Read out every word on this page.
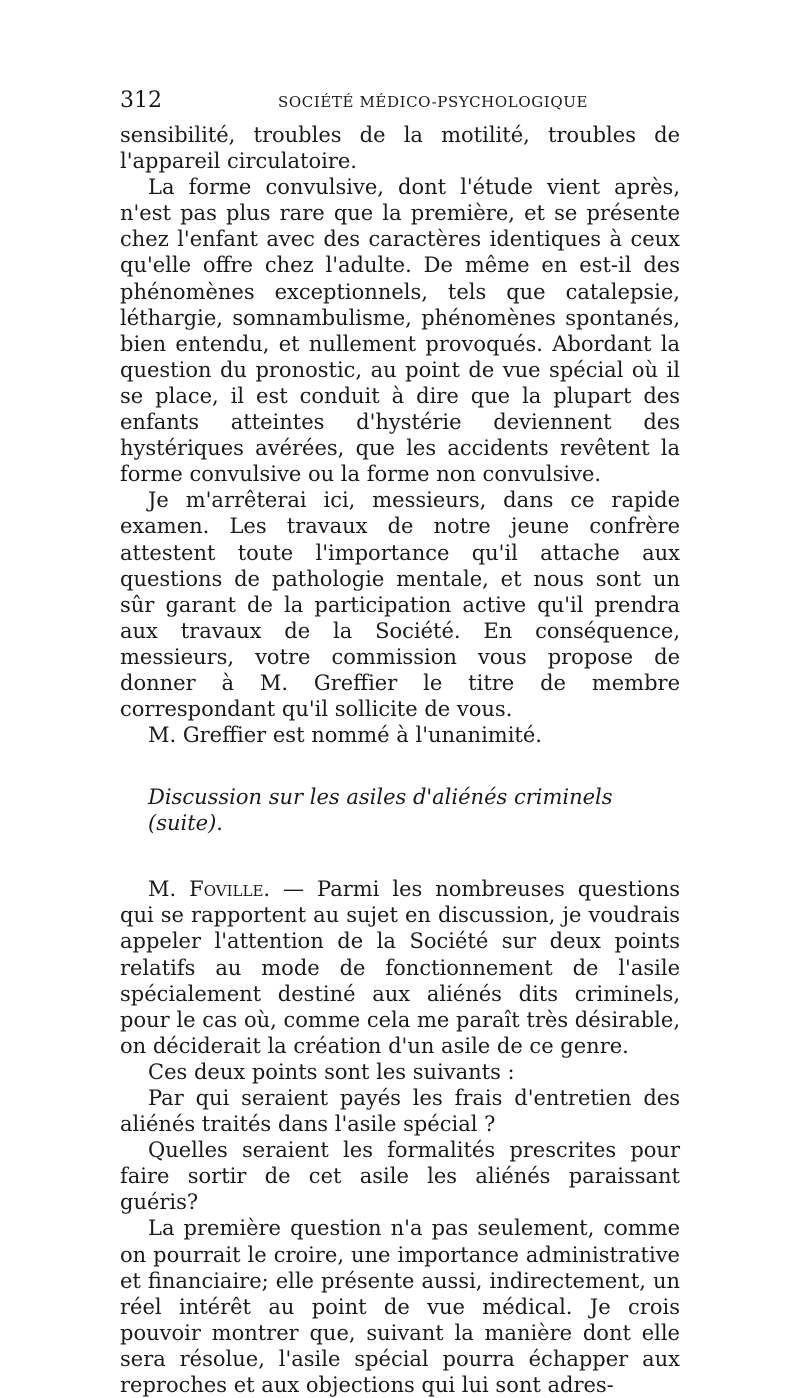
312	SOCIÉTÉ MÉDICO-PSYCHOLOGIQUE

sensibilité, troubles de la motilité, troubles de l'appareil circulatoire.

La forme convulsive, dont l'étude vient après, n'est pas plus rare que la première, et se présente chez l'enfant avec des caractères identiques à ceux qu'elle offre chez l'adulte. De même en est-il des phénomènes exceptionnels, tels que catalepsie, léthargie, somnambulisme, phénomènes spontanés, bien entendu, et nullement provoqués. Abordant la question du pronostic, au point de vue spécial où il se place, il est conduit à dire que la plupart des enfants atteintes d'hystérie deviennent des hystériques avérées, que les accidents revêtent la forme convulsive ou la forme non convulsive.

Je m'arrêterai ici, messieurs, dans ce rapide examen. Les travaux de notre jeune confrère attestent toute l'importance qu'il attache aux questions de pathologie mentale, et nous sont un sûr garant de la participation active qu'il prendra aux travaux de la Société. En conséquence, messieurs, votre commission vous propose de donner à M. Greffier le titre de membre correspondant qu'il sollicite de vous.

M. Greffier est nommé à l'unanimité.

Discussion sur les asiles d'aliénés criminels (suite).

M. Foville. — Parmi les nombreuses questions qui se rapportent au sujet en discussion, je voudrais appeler l'attention de la Société sur deux points relatifs au mode de fonctionnement de l'asile spécialement destiné aux aliénés dits criminels, pour le cas où, comme cela me paraît très désirable, on déciderait la création d'un asile de ce genre.

Ces deux points sont les suivants :

Par qui seraient payés les frais d'entretien des aliénés traités dans l'asile spécial ?

Quelles seraient les formalités prescrites pour faire sortir de cet asile les aliénés paraissant guéris?

La première question n'a pas seulement, comme on pourrait le croire, une importance administrative et financiaire; elle présente aussi, indirectement, un réel intérêt au point de vue médical. Je crois pouvoir montrer que, suivant la manière dont elle sera résolue, l'asile spécial pourra échapper aux reproches et aux objections qui lui sont adres-
